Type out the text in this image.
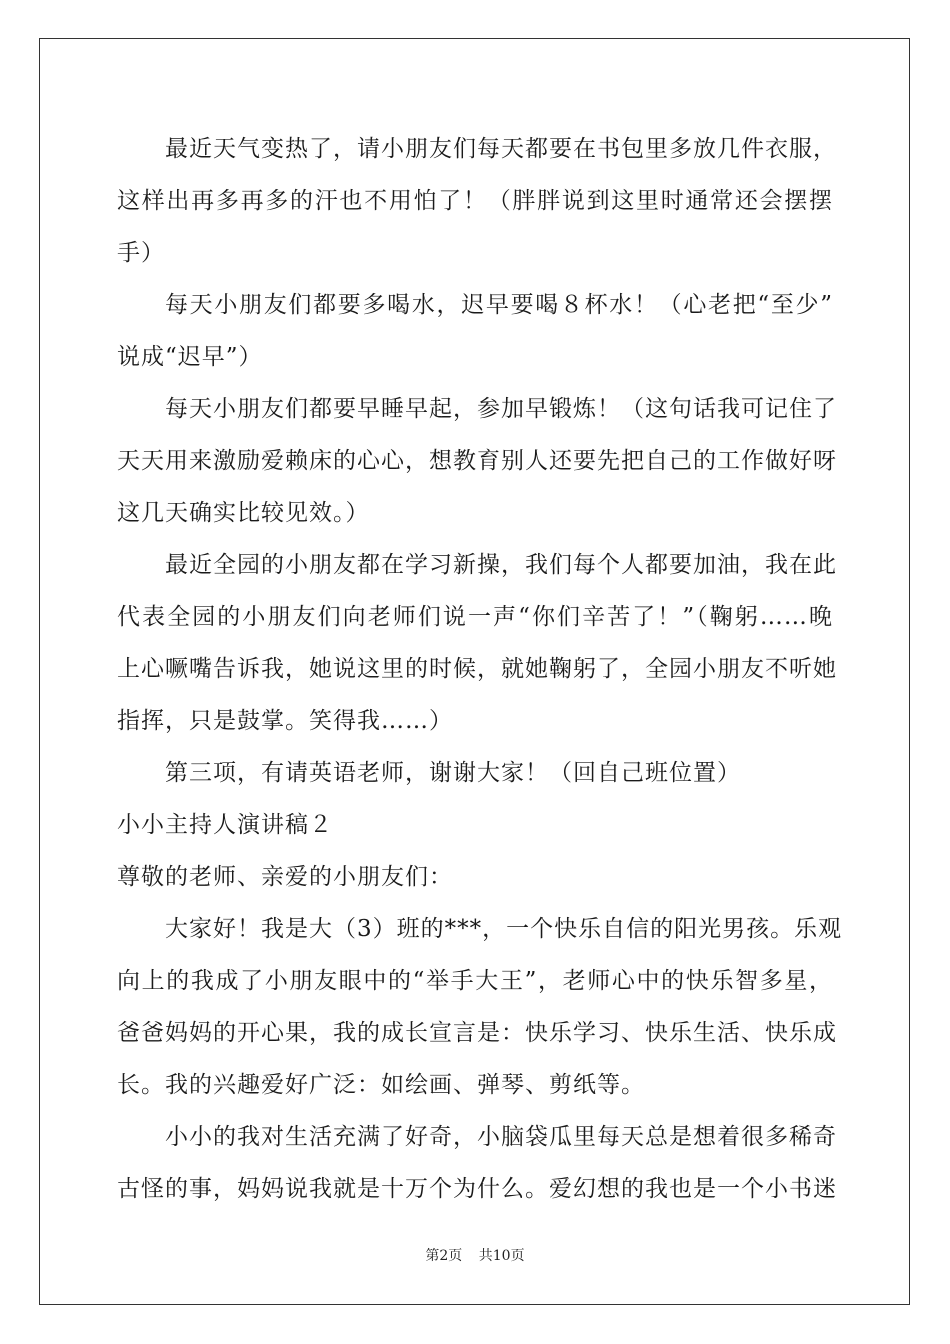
最近天气变热了，请小朋友们每天都要在书包里多放几件衣服，
这样出再多再多的汗也不用怕了！（胖胖说到这里时通常还会摆摆
手）
每天小朋友们都要多喝水，迟早要喝８杯水！（心老把“至少”
说成“迟早”）
每天小朋友们都要早睡早起，参加早锻炼！（这句话我可记住了
天天用来激励爱赖床的心心，想教育别人还要先把自己的工作做好呀
这几天确实比较见效。）
最近全园的小朋友都在学习新操，我们每个人都要加油，我在此
代表全园的小朋友们向老师们说一声“你们辛苦了！”（鞠躬……晚
上心噘嘴告诉我，她说这里的时候，就她鞠躬了，全园小朋友不听她
指挥，只是鼓掌。笑得我……）
第三项，有请英语老师，谢谢大家！（回自己班位置）
小小主持人演讲稿２
尊敬的老师、亲爱的小朋友们：
大家好！我是大（3）班的***，一个快乐自信的阳光男孩。乐观
向上的我成了小朋友眼中的“举手大王”，老师心中的快乐智多星，
爸爸妈妈的开心果，我的成长宣言是：快乐学习、快乐生活、快乐成
长。我的兴趣爱好广泛：如绘画、弹琴、剪纸等。
小小的我对生活充满了好奇，小脑袋瓜里每天总是想着很多稀奇
古怪的事，妈妈说我就是十万个为什么。爱幻想的我也是一个小书迷
第2页 共10页
